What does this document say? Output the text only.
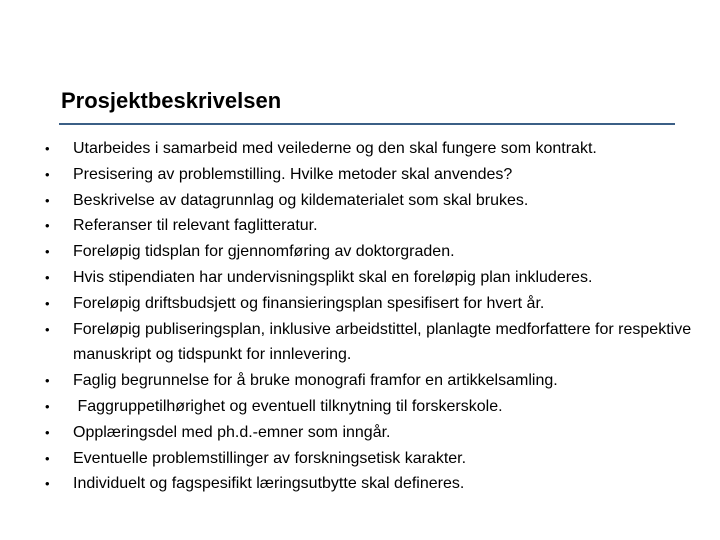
Prosjektbeskrivelsen
• Utarbeides i samarbeid med veilederne og den skal fungere som kontrakt.
• Presisering av problemstilling. Hvilke metoder skal anvendes?
• Beskrivelse av datagrunnlag og kildematerialet som skal brukes.
• Referanser til relevant faglitteratur.
• Foreløpig tidsplan for gjennomføring av doktorgraden.
• Hvis stipendiaten har undervisningsplikt skal en foreløpig plan inkluderes.
• Foreløpig driftsbudsjett og finansieringsplan spesifisert for hvert år.
• Foreløpig publiseringsplan, inklusive arbeidstittel, planlagte medforfattere for respektive manuskript og tidspunkt for innlevering.
• Faglig begrunnelse for å bruke monografi framfor en artikkelsamling.
• Faggruppetilhørighet og eventuell tilknytning til forskerskole.
• Opplæringsdel med ph.d.-emner som inngår.
• Eventuelle problemstillinger av forskningsetisk karakter.
• Individuelt og fagspesifikt læringsutbytte skal defineres.
